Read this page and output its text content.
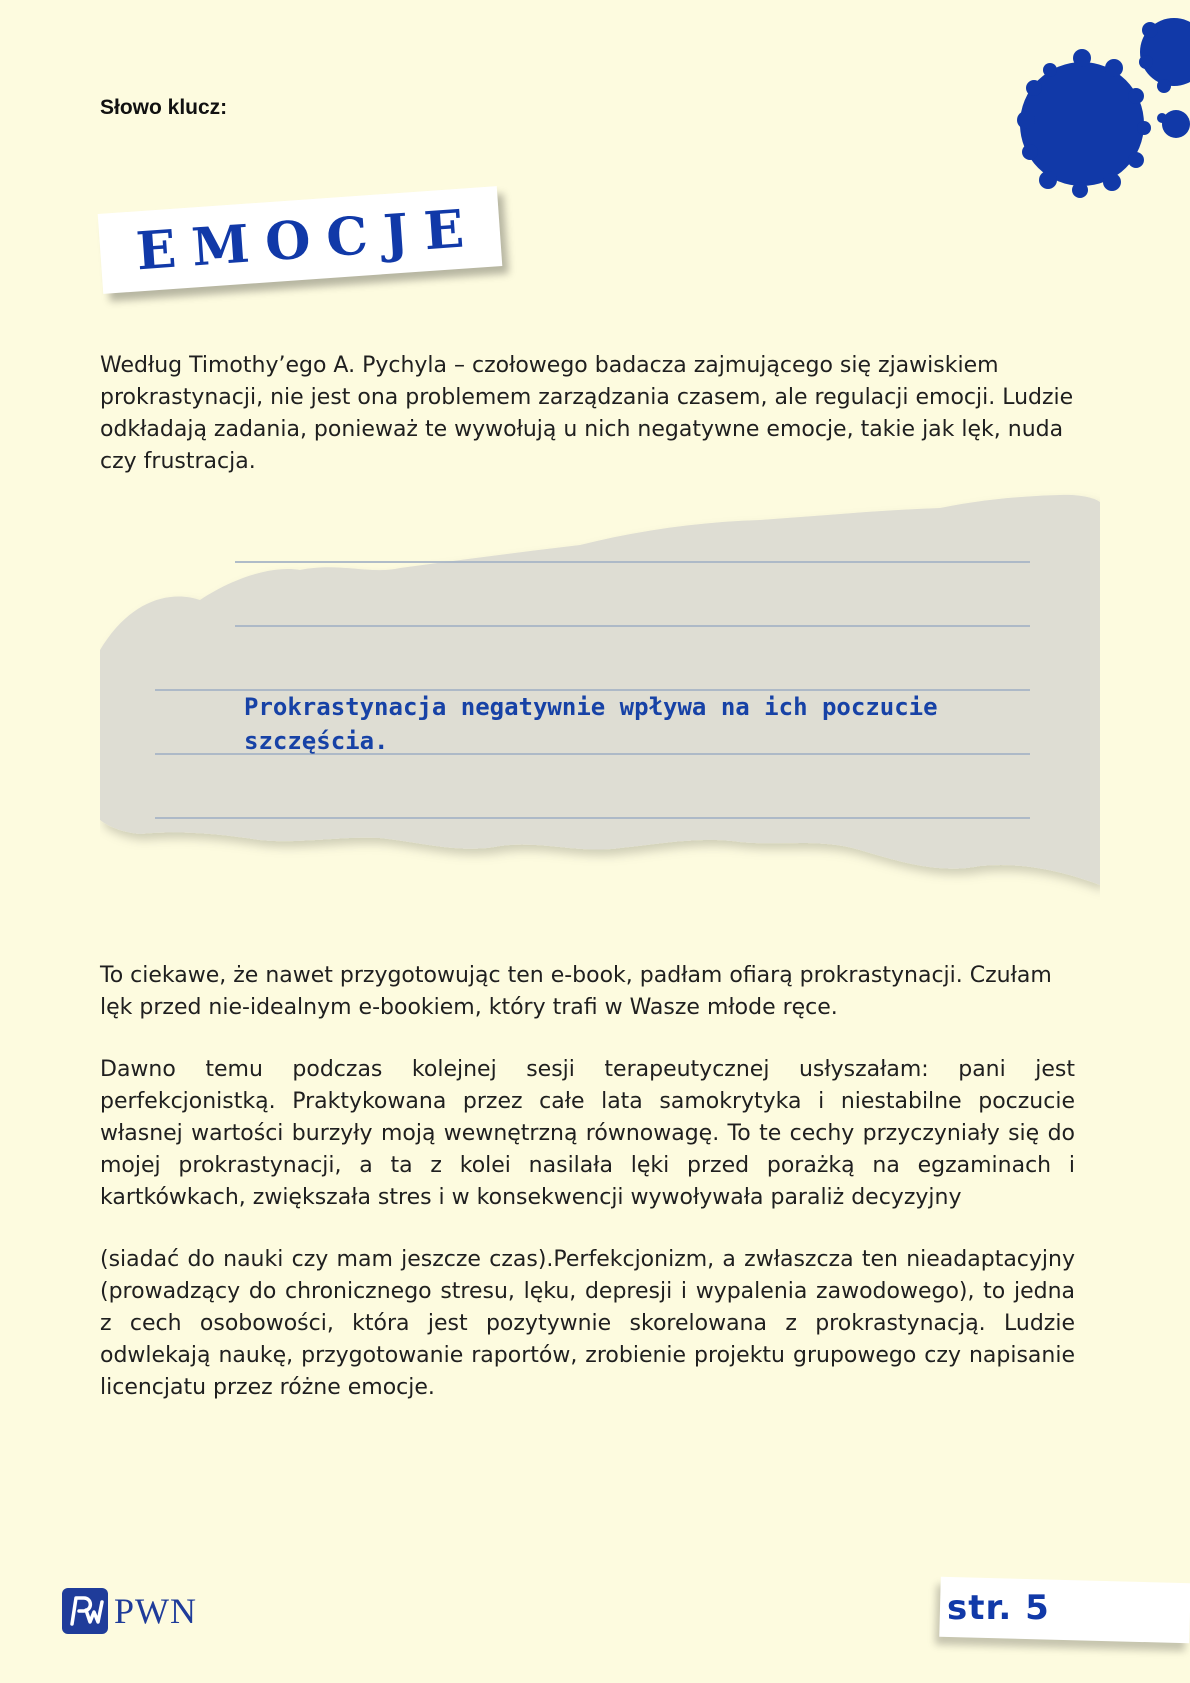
Słowo klucz:
EMOCJE

Według Timothy’ego A. Pychyla – czołowego badacza zajmującego się zjawiskiem prokrastynacji, nie jest ona problemem zarządzania czasem, ale regulacji emocji. Ludzie odkładają zadania, ponieważ te wywołują u nich negatywne emocje, takie jak lęk, nuda czy frustracja.

Prokrastynacja negatywnie wpływa na ich poczucie szczęścia.

To ciekawe, że nawet przygotowując ten e-book, padłam ofiarą prokrastynacji. Czułam lęk przed nie-idealnym e-bookiem, który trafi w Wasze młode ręce.

Dawno temu podczas kolejnej sesji terapeutycznej usłyszałam: pani jest perfekcjonistką. Praktykowana przez całe lata samokrytyka i niestabilne poczucie własnej wartości burzyły moją wewnętrzną równowagę. To te cechy przyczyniały się do mojej prokrastynacji, a ta z kolei nasilała lęki przed porażką na egzaminach i kartkówkach, zwiększała stres i w konsekwencji wywoływała paraliż decyzyjny

(siadać do nauki czy mam jeszcze czas).Perfekcjonizm, a zwłaszcza ten nieadaptacyjny (prowadzący do chronicznego stresu, lęku, depresji i wypalenia zawodowego), to jedna z cech osobowości, która jest pozytywnie skorelowana z prokrastynacją. Ludzie odwlekają naukę, przygotowanie raportów, zrobienie projektu grupowego czy napisanie licencjatu przez różne emocje.

PWN	str. 5
